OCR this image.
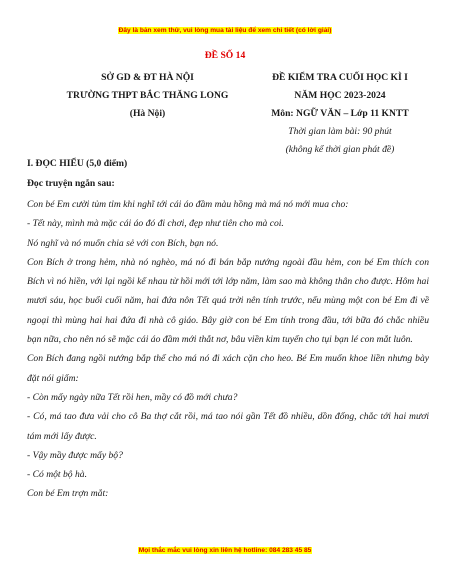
Đây là bản xem thử, vui lòng mua tài liệu để xem chi tiết (có lời giải)
ĐỀ SỐ 14
SỞ GD & ĐT HÀ NỘI
TRƯỜNG THPT BẮC THĂNG LONG
(Hà Nội)
ĐỀ KIỂM TRA CUỐI HỌC KÌ I
NĂM HỌC 2023-2024
Môn: NGỮ VĂN – Lớp 11 KNTT
Thời gian làm bài: 90 phút
(không kể thời gian phát đề)
I. ĐỌC HIỂU (5,0 điểm)
Đọc truyện ngắn sau:

Con bé Em cười tủm tỉm khi nghĩ tới cái áo đầm màu hồng mà má nó mới mua cho:

- Tết này, mình mà mặc cái áo đó đi chơi, đẹp như tiên cho mà coi.

Nó nghĩ và nó muốn chia sẻ với con Bích, bạn nó.

Con Bích ở trong hẻm, nhà nó nghèo, má nó đi bán bắp nướng ngoài đầu hẻm, con bé Em thích con Bích vì nó hiền, với lại ngồi kế nhau từ hồi mới tới lớp năm, làm sao mà không thân cho được. Hôm hai mươi sáu, học buổi cuối năm, hai đứa nôn Tết quá trời nên tính trước, nếu mùng một con bé Em đi về ngoại thì mùng hai hai đứa đi nhà cô giáo. Bây giờ con bé Em tính trong đầu, tới bữa đó chắc nhiều bạn nữa, cho nên nó sẽ mặc cái áo đầm mới thắt nơ, bâu viền kim tuyến cho tụi bạn lé con mắt luôn.

Con Bích đang ngồi nướng bắp thế cho má nó đi xách cặn cho heo. Bé Em muốn khoe liền nhưng bày đặt nói giấm:

- Còn mấy ngày nữa Tết rồi hen, mầy có đồ mới chưa?

- Có, má tao đưa vải cho cô Ba thợ cắt rồi, má tao nói gần Tết đồ nhiều, dồn đống, chắc tới hai mươi tám mới lấy được.

- Vậy mầy được mấy bộ?

- Có một bộ hà.

Con bé Em trợn mắt:

Mọi thắc mắc vui lòng xin liên hệ hotline: 084 283 45 85
